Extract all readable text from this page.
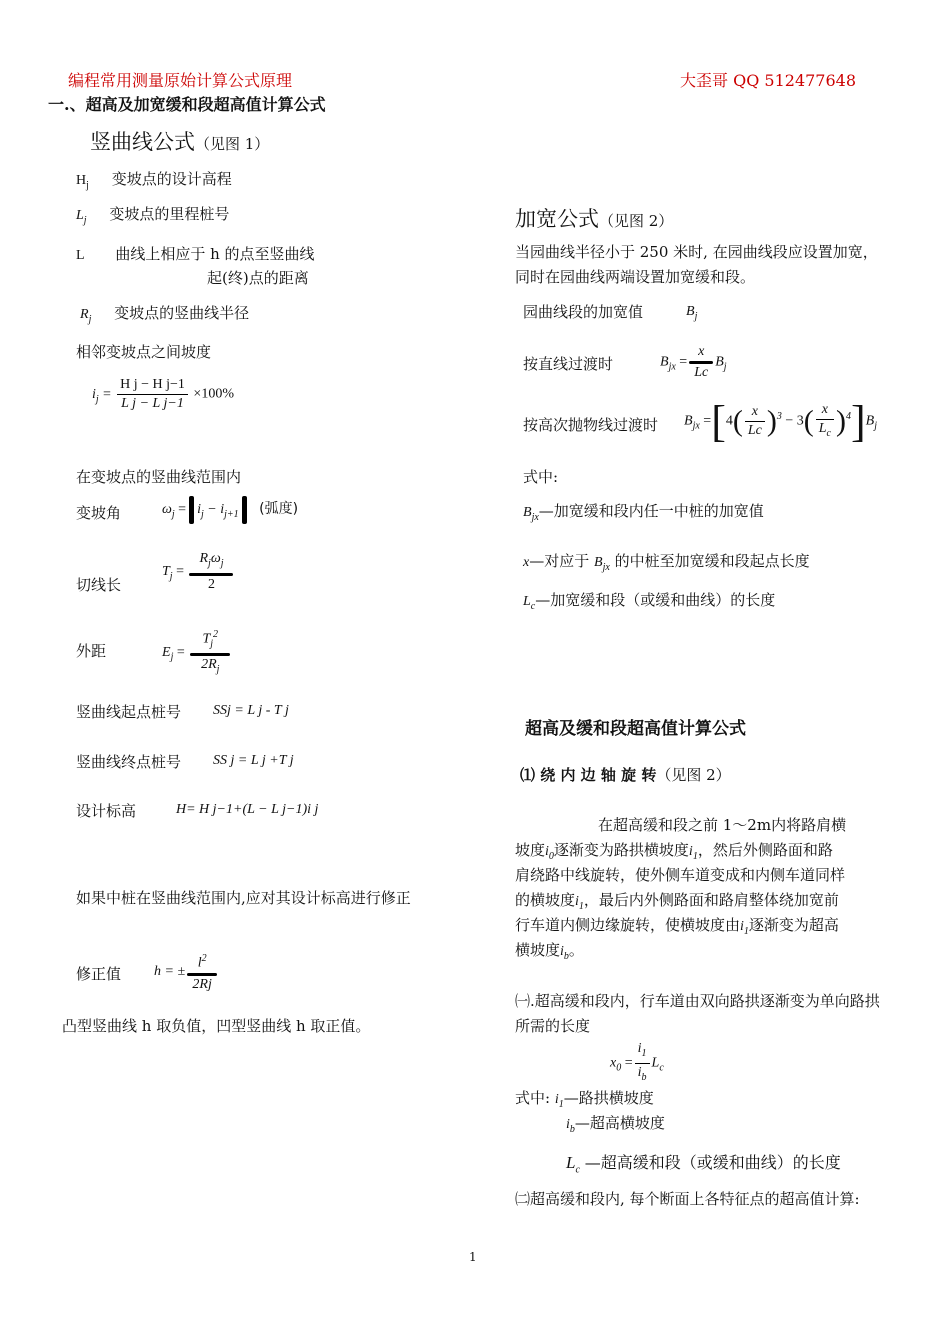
编程常用测量原始计算公式原理	大歪哥 QQ 512477648
一.、超高及加宽缓和段超高值计算公式
竖曲线公式（见图 1）
$H_j$ 变坡点的设计高程
$L_j$ 变坡点的里程桩号
L 曲线上相应于 h 的点至竖曲线
起(终)点的距离
$R_j$ 变坡点的竖曲线半径
相邻变坡点之间坡度
$i_j = \frac{\text{H j − H j−1}}{\text{L j − L j−1}} \times 100\%$
在变坡点的竖曲线范围内
变坡角	$\omega_j = i_j - i_{j+1}$ (弧度)
切线长
$T_j = \frac{R_j\omega_j}{2}$
外距	$E_j = \frac{T_j^2}{2R_j}$
竖曲线起点桩号 SSj = L j - T j
竖曲线终点桩号 SS j = L j +T j
设计标高	H= H j−1+(L − L j−1)i j
如果中桩在竖曲线范围内,应对其设计标高进行修正
修正值 h = ± $\frac{l^2}{2Rj}$
凸型竖曲线 h 取负值，凹型竖曲线 h 取正值。
加宽公式（见图 2）
当园曲线半径小于 250 米时, 在园曲线段应设置加宽，同时在园曲线两端设置加宽缓和段。
园曲线段的加宽值	$B_j$
按直线过渡时	$B_{jx} = \frac{x}{Lc} B_j$
按高次抛物线过渡时 $B_{jx} =[4( \frac{x}{Lc} )^3 - 3( \frac{x}{L_c} )^4]B_j$
式中:
$B_{jx}—$加宽缓和段内任一中桩的加宽值
x—对应于 $B_{jx}$ 的中桩至加宽缓和段起点长度
$L_c—$加宽缓和段（或缓和曲线）的长度
超高及缓和段超高值计算公式
⑴ 绕 内 边 轴 旋 转（见图 2）
在超高缓和段之前 1～2m内将路肩横
坡度$i_0$逐渐变为路拱横坡度$i_1$，然后外侧路面和路
肩绕路中线旋转，使外侧车道变成和内侧车道同样
的横坡度$i_1$，最后内外侧路面和路肩整体绕加宽前
行车道内侧边缘旋转，使横坡度由$i_1$逐渐变为超高
横坡度$i_b$。
㈠.超高缓和段内，行车道由双向路拱逐渐变为单向路拱所需的长度
$x_0 = \frac{i_1}{i_b} L_c$
式中: $i_1—$路拱横坡度
$i_b—$超高横坡度
$L_c$ —超高缓和段（或缓和曲线）的长度
㈡超高缓和段内, 每个断面上各特征点的超高值计算:
1
